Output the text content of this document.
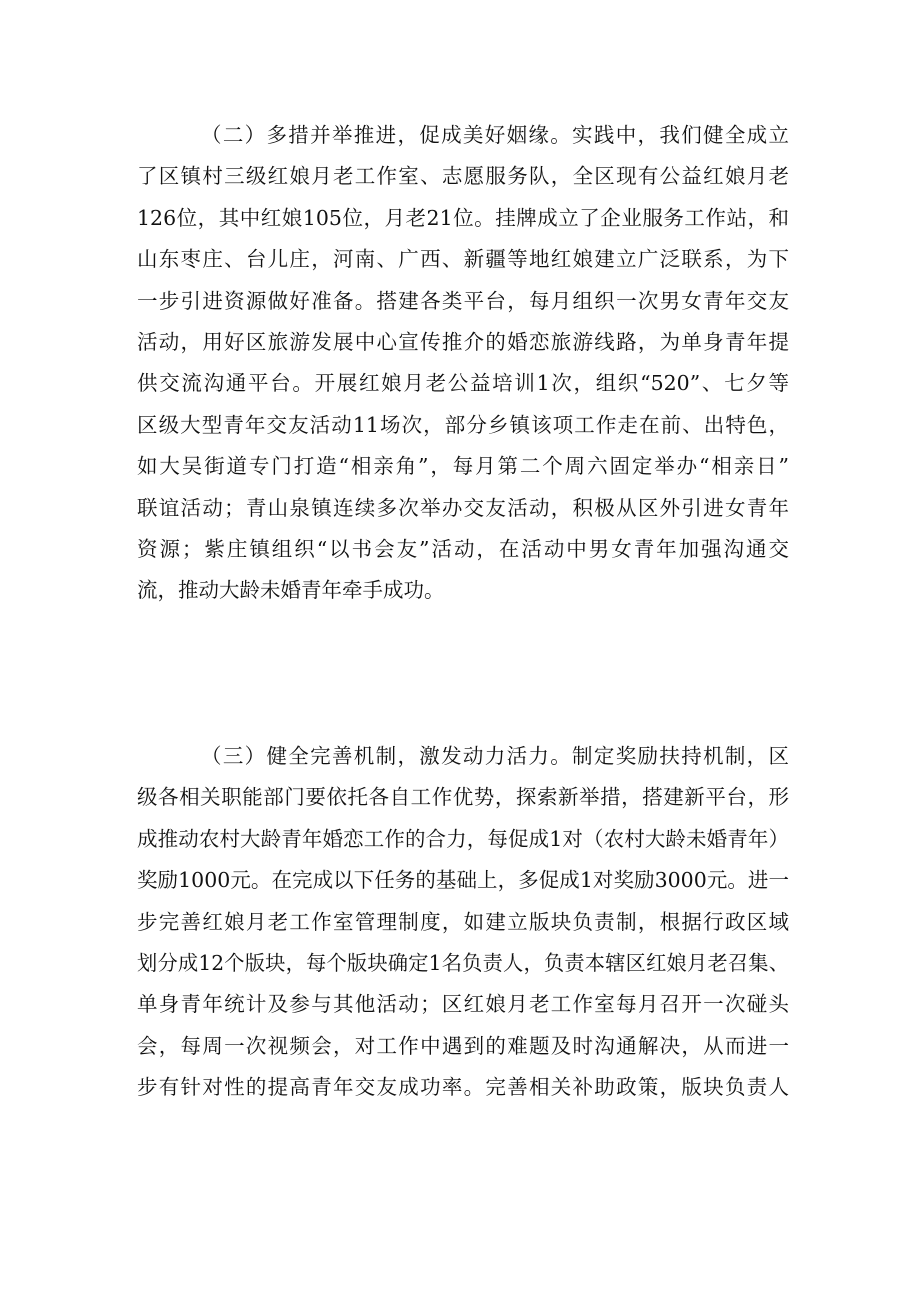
（二）多措并举推进，促成美好姻缘。实践中，我们健全成立
了区镇村三级红娘月老工作室、志愿服务队，全区现有公益红娘月老
126位，其中红娘105位，月老21位。挂牌成立了企业服务工作站，和
山东枣庄、台儿庄，河南、广西、新疆等地红娘建立广泛联系，为下
一步引进资源做好准备。搭建各类平台，每月组织一次男女青年交友
活动，用好区旅游发展中心宣传推介的婚恋旅游线路，为单身青年提
供交流沟通平台。开展红娘月老公益培训1次，组织“520”、七夕等
区级大型青年交友活动11场次，部分乡镇该项工作走在前、出特色，
如大吴街道专门打造“相亲角”，每月第二个周六固定举办“相亲日”
联谊活动；青山泉镇连续多次举办交友活动，积极从区外引进女青年
资源；紫庄镇组织“以书会友”活动，在活动中男女青年加强沟通交
流，推动大龄未婚青年牵手成功。
（三）健全完善机制，激发动力活力。制定奖励扶持机制，区
级各相关职能部门要依托各自工作优势，探索新举措，搭建新平台，形
成推动农村大龄青年婚恋工作的合力，每促成1对（农村大龄未婚青年）
奖励1000元。在完成以下任务的基础上，多促成1对奖励3000元。进一
步完善红娘月老工作室管理制度，如建立版块负责制，根据行政区域
划分成12个版块，每个版块确定1名负责人，负责本辖区红娘月老召集、
单身青年统计及参与其他活动；区红娘月老工作室每月召开一次碰头
会，每周一次视频会，对工作中遇到的难题及时沟通解决，从而进一
步有针对性的提高青年交友成功率。完善相关补助政策，版块负责人
